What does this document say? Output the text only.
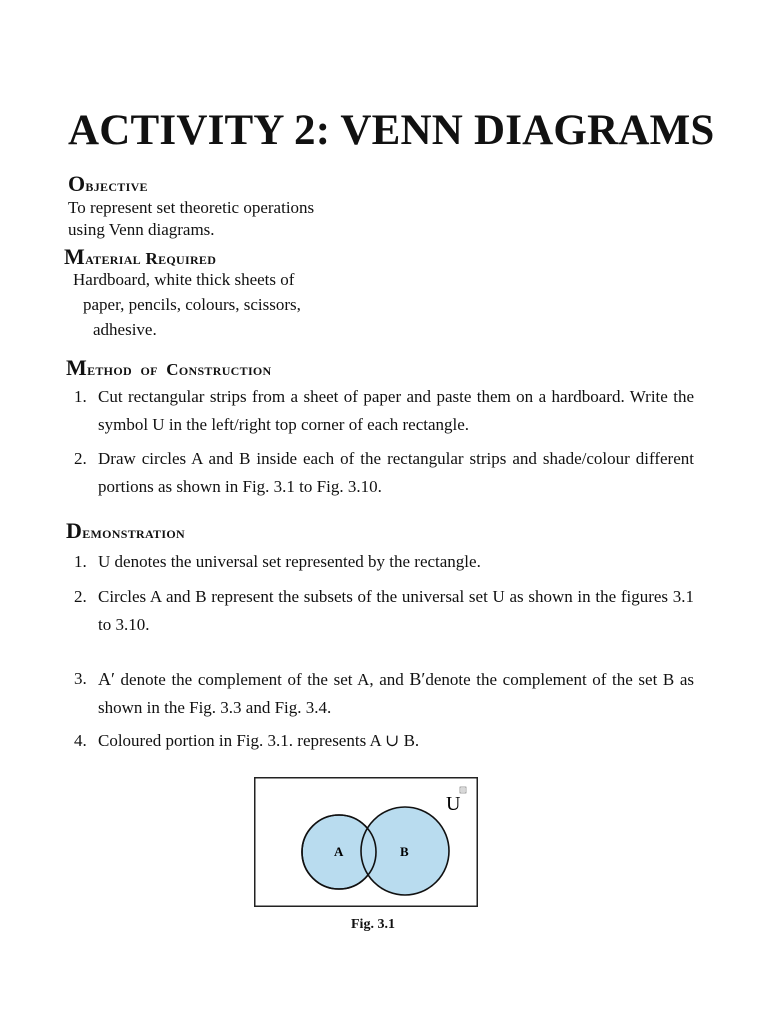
ACTIVITY 2: VENN DIAGRAMS
Objective
To represent set theoretic operations
using Venn diagrams.
Material Required
Hardboard, white thick sheets of
paper, pencils, colours, scissors,
adhesive.
Method of Construction
1. Cut rectangular strips from a sheet of paper and paste them on a hardboard. Write the symbol U in the left/right top corner of each rectangle.
2. Draw circles A and B inside each of the rectangular strips and shade/colour different portions as shown in Fig. 3.1 to Fig. 3.10.
Demonstration
1. U denotes the universal set represented by the rectangle.
2. Circles A and B represent the subsets of the universal set U as shown in the figures 3.1 to 3.10.
3. A′ denote the complement of the set A, and B′denote the complement of the set B as shown in the Fig. 3.3 and Fig. 3.4.
4. Coloured portion in Fig. 3.1. represents A ∪ B.
U
A	B
Fig. 3.1
